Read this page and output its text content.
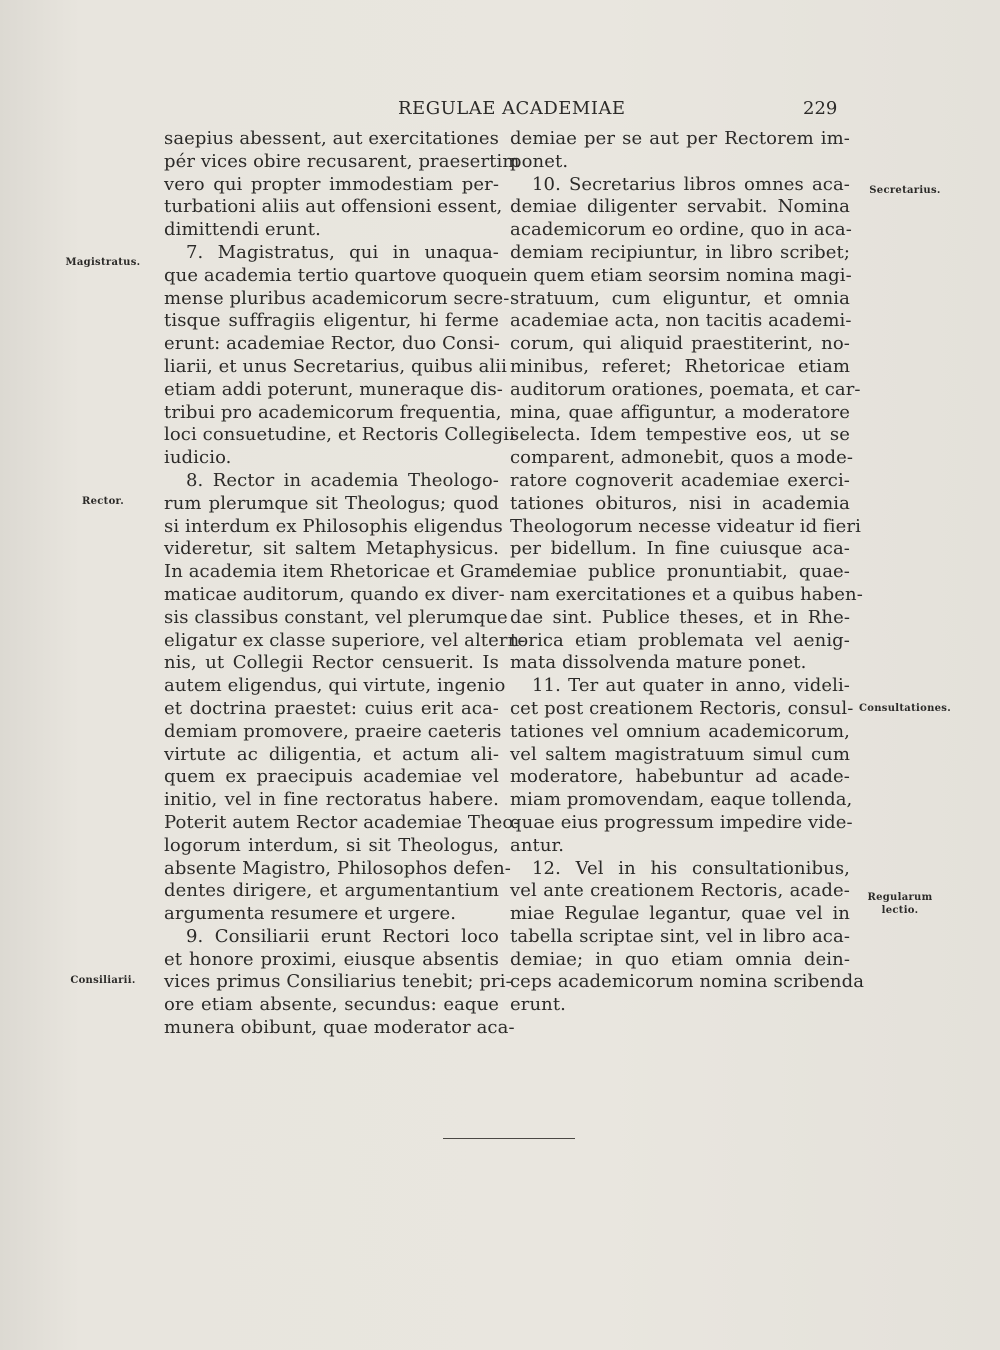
REGULAE ACADEMIAE	229
Magistratus.
Rector.
Consiliarii.
Secretarius.
Consultationes.
Regularum
lectio.
saepius abessent, aut exercitationes
pér vices obire recusarent, praesertim
vero qui propter immodestiam per-
turbationi aliis aut offensioni essent,
dimittendi erunt.
7. Magistratus, qui in unaqua-
que academia tertio quartove quoque
mense pluribus academicorum secre-
tisque suffragiis eligentur, hi ferme
erunt: academiae Rector, duo Consi-
liarii, et unus Secretarius, quibus alii
etiam addi poterunt, muneraque dis-
tribui pro academicorum frequentia,
loci consuetudine, et Rectoris Collegii
iudicio.
8. Rector in academia Theologo-
rum plerumque sit Theologus; quod
si interdum ex Philosophis eligendus
videretur, sit saltem Metaphysicus.
In academia item Rhetoricae et Gram-
maticae auditorum, quando ex diver-
sis classibus constant, vel plerumque
eligatur ex classe superiore, vel altern-
nis, ut Collegii Rector censuerit. Is
autem eligendus, qui virtute, ingenio
et doctrina praestet: cuius erit aca-
demiam promovere, praeire caeteris
virtute ac diligentia, et actum ali-
quem ex praecipuis academiae vel
initio, vel in fine rectoratus habere.
Poterit autem Rector academiae Theo-
logorum interdum, si sit Theologus,
absente Magistro, Philosophos defen-
dentes dirigere, et argumentantium
argumenta resumere et urgere.
9. Consiliarii erunt Rectori loco
et honore proximi, eiusque absentis
vices primus Consiliarius tenebit; pri-
ore etiam absente, secundus: eaque
munera obibunt, quae moderator aca-
demiae per se aut per Rectorem im-
ponet.
10. Secretarius libros omnes aca-
demiae diligenter servabit. Nomina
academicorum eo ordine, quo in aca-
demiam recipiuntur, in libro scribet;
in quem etiam seorsim nomina magi-
stratuum, cum eliguntur, et omnia
academiae acta, non tacitis academi-
corum, qui aliquid praestiterint, no-
minibus, referet; Rhetoricae etiam
auditorum orationes, poemata, et car-
mina, quae affiguntur, a moderatore
selecta. Idem tempestive eos, ut se
comparent, admonebit, quos a mode-
ratore cognoverit academiae exerci-
tationes obituros, nisi in academia
Theologorum necesse videatur id fieri
per bidellum. In fine cuiusque aca-
demiae publice pronuntiabit, quae-
nam exercitationes et a quibus haben-
dae sint. Publice theses, et in Rhe-
torica etiam problemata vel aenig-
mata dissolvenda mature ponet.
11. Ter aut quater in anno, videli-
cet post creationem Rectoris, consul-
tationes vel omnium academicorum,
vel saltem magistratuum simul cum
moderatore, habebuntur ad acade-
miam promovendam, eaque tollenda,
quae eius progressum impedire vide-
antur.
12. Vel in his consultationibus,
vel ante creationem Rectoris, acade-
miae Regulae legantur, quae vel in
tabella scriptae sint, vel in libro aca-
demiae; in quo etiam omnia dein-
ceps academicorum nomina scribenda
erunt.
